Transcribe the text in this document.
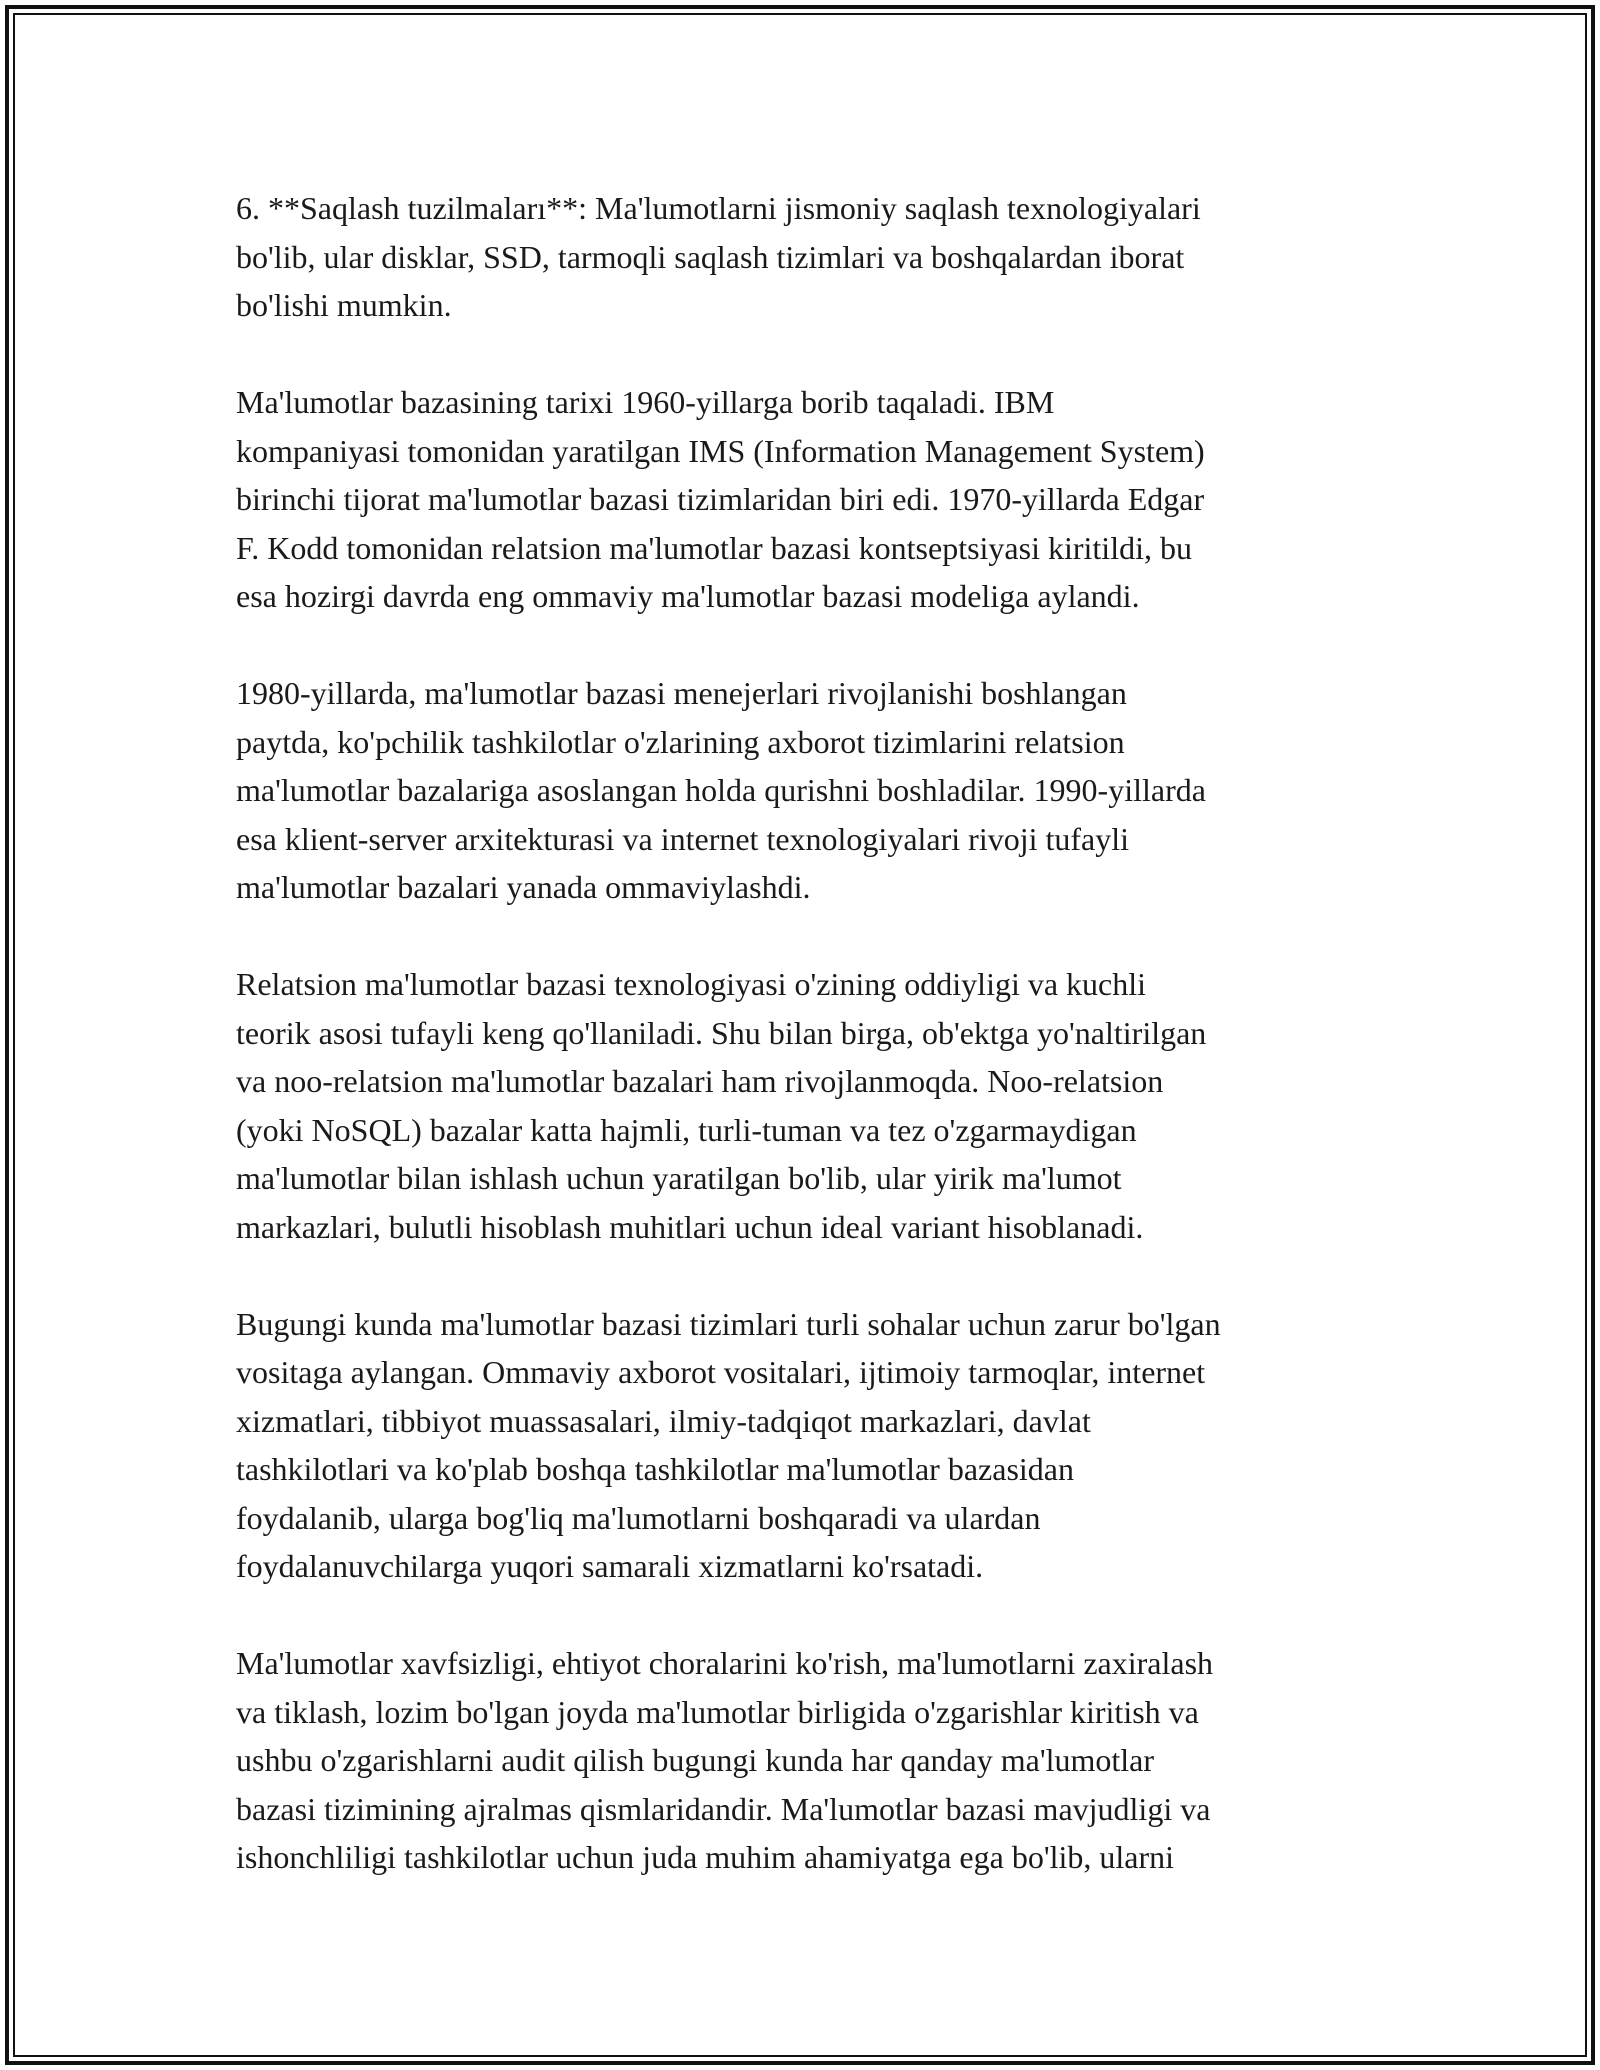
6. **Saqlash tuzilmaları**: Ma'lumotlarni jismoniy saqlash texnologiyalari
bo'lib, ular disklar, SSD, tarmoqli saqlash tizimlari va boshqalardan iborat
bo'lishi mumkin.

Ma'lumotlar bazasining tarixi 1960-yillarga borib taqaladi. IBM
kompaniyasi tomonidan yaratilgan IMS (Information Management System)
birinchi tijorat ma'lumotlar bazasi tizimlaridan biri edi. 1970-yillarda Edgar
F. Kodd tomonidan relatsion ma'lumotlar bazasi kontseptsiyasi kiritildi, bu
esa hozirgi davrda eng ommaviy ma'lumotlar bazasi modeliga aylandi.

1980-yillarda, ma'lumotlar bazasi menejerlari rivojlanishi boshlangan
paytda, ko'pchilik tashkilotlar o'zlarining axborot tizimlarini relatsion
ma'lumotlar bazalariga asoslangan holda qurishni boshladilar. 1990-yillarda
esa klient-server arxitekturasi va internet texnologiyalari rivoji tufayli
ma'lumotlar bazalari yanada ommaviylashdi.

Relatsion ma'lumotlar bazasi texnologiyasi o'zining oddiyligi va kuchli
teorik asosi tufayli keng qo'llaniladi. Shu bilan birga, ob'ektga yo'naltirilgan
va noo-relatsion ma'lumotlar bazalari ham rivojlanmoqda. Noo-relatsion
(yoki NoSQL) bazalar katta hajmli, turli-tuman va tez o'zgarmaydigan
ma'lumotlar bilan ishlash uchun yaratilgan bo'lib, ular yirik ma'lumot
markazlari, bulutli hisoblash muhitlari uchun ideal variant hisoblanadi.

Bugungi kunda ma'lumotlar bazasi tizimlari turli sohalar uchun zarur bo'lgan
vositaga aylangan. Ommaviy axborot vositalari, ijtimoiy tarmoqlar, internet
xizmatlari, tibbiyot muassasalari, ilmiy-tadqiqot markazlari, davlat
tashkilotlari va ko'plab boshqa tashkilotlar ma'lumotlar bazasidan
foydalanib, ularga bog'liq ma'lumotlarni boshqaradi va ulardan
foydalanuvchilarga yuqori samarali xizmatlarni ko'rsatadi.

Ma'lumotlar xavfsizligi, ehtiyot choralarini ko'rish, ma'lumotlarni zaxiralash
va tiklash, lozim bo'lgan joyda ma'lumotlar birligida o'zgarishlar kiritish va
ushbu o'zgarishlarni audit qilish bugungi kunda har qanday ma'lumotlar
bazasi tizimining ajralmas qismlaridandir. Ma'lumotlar bazasi mavjudligi va
ishonchliligi tashkilotlar uchun juda muhim ahamiyatga ega bo'lib, ularni
